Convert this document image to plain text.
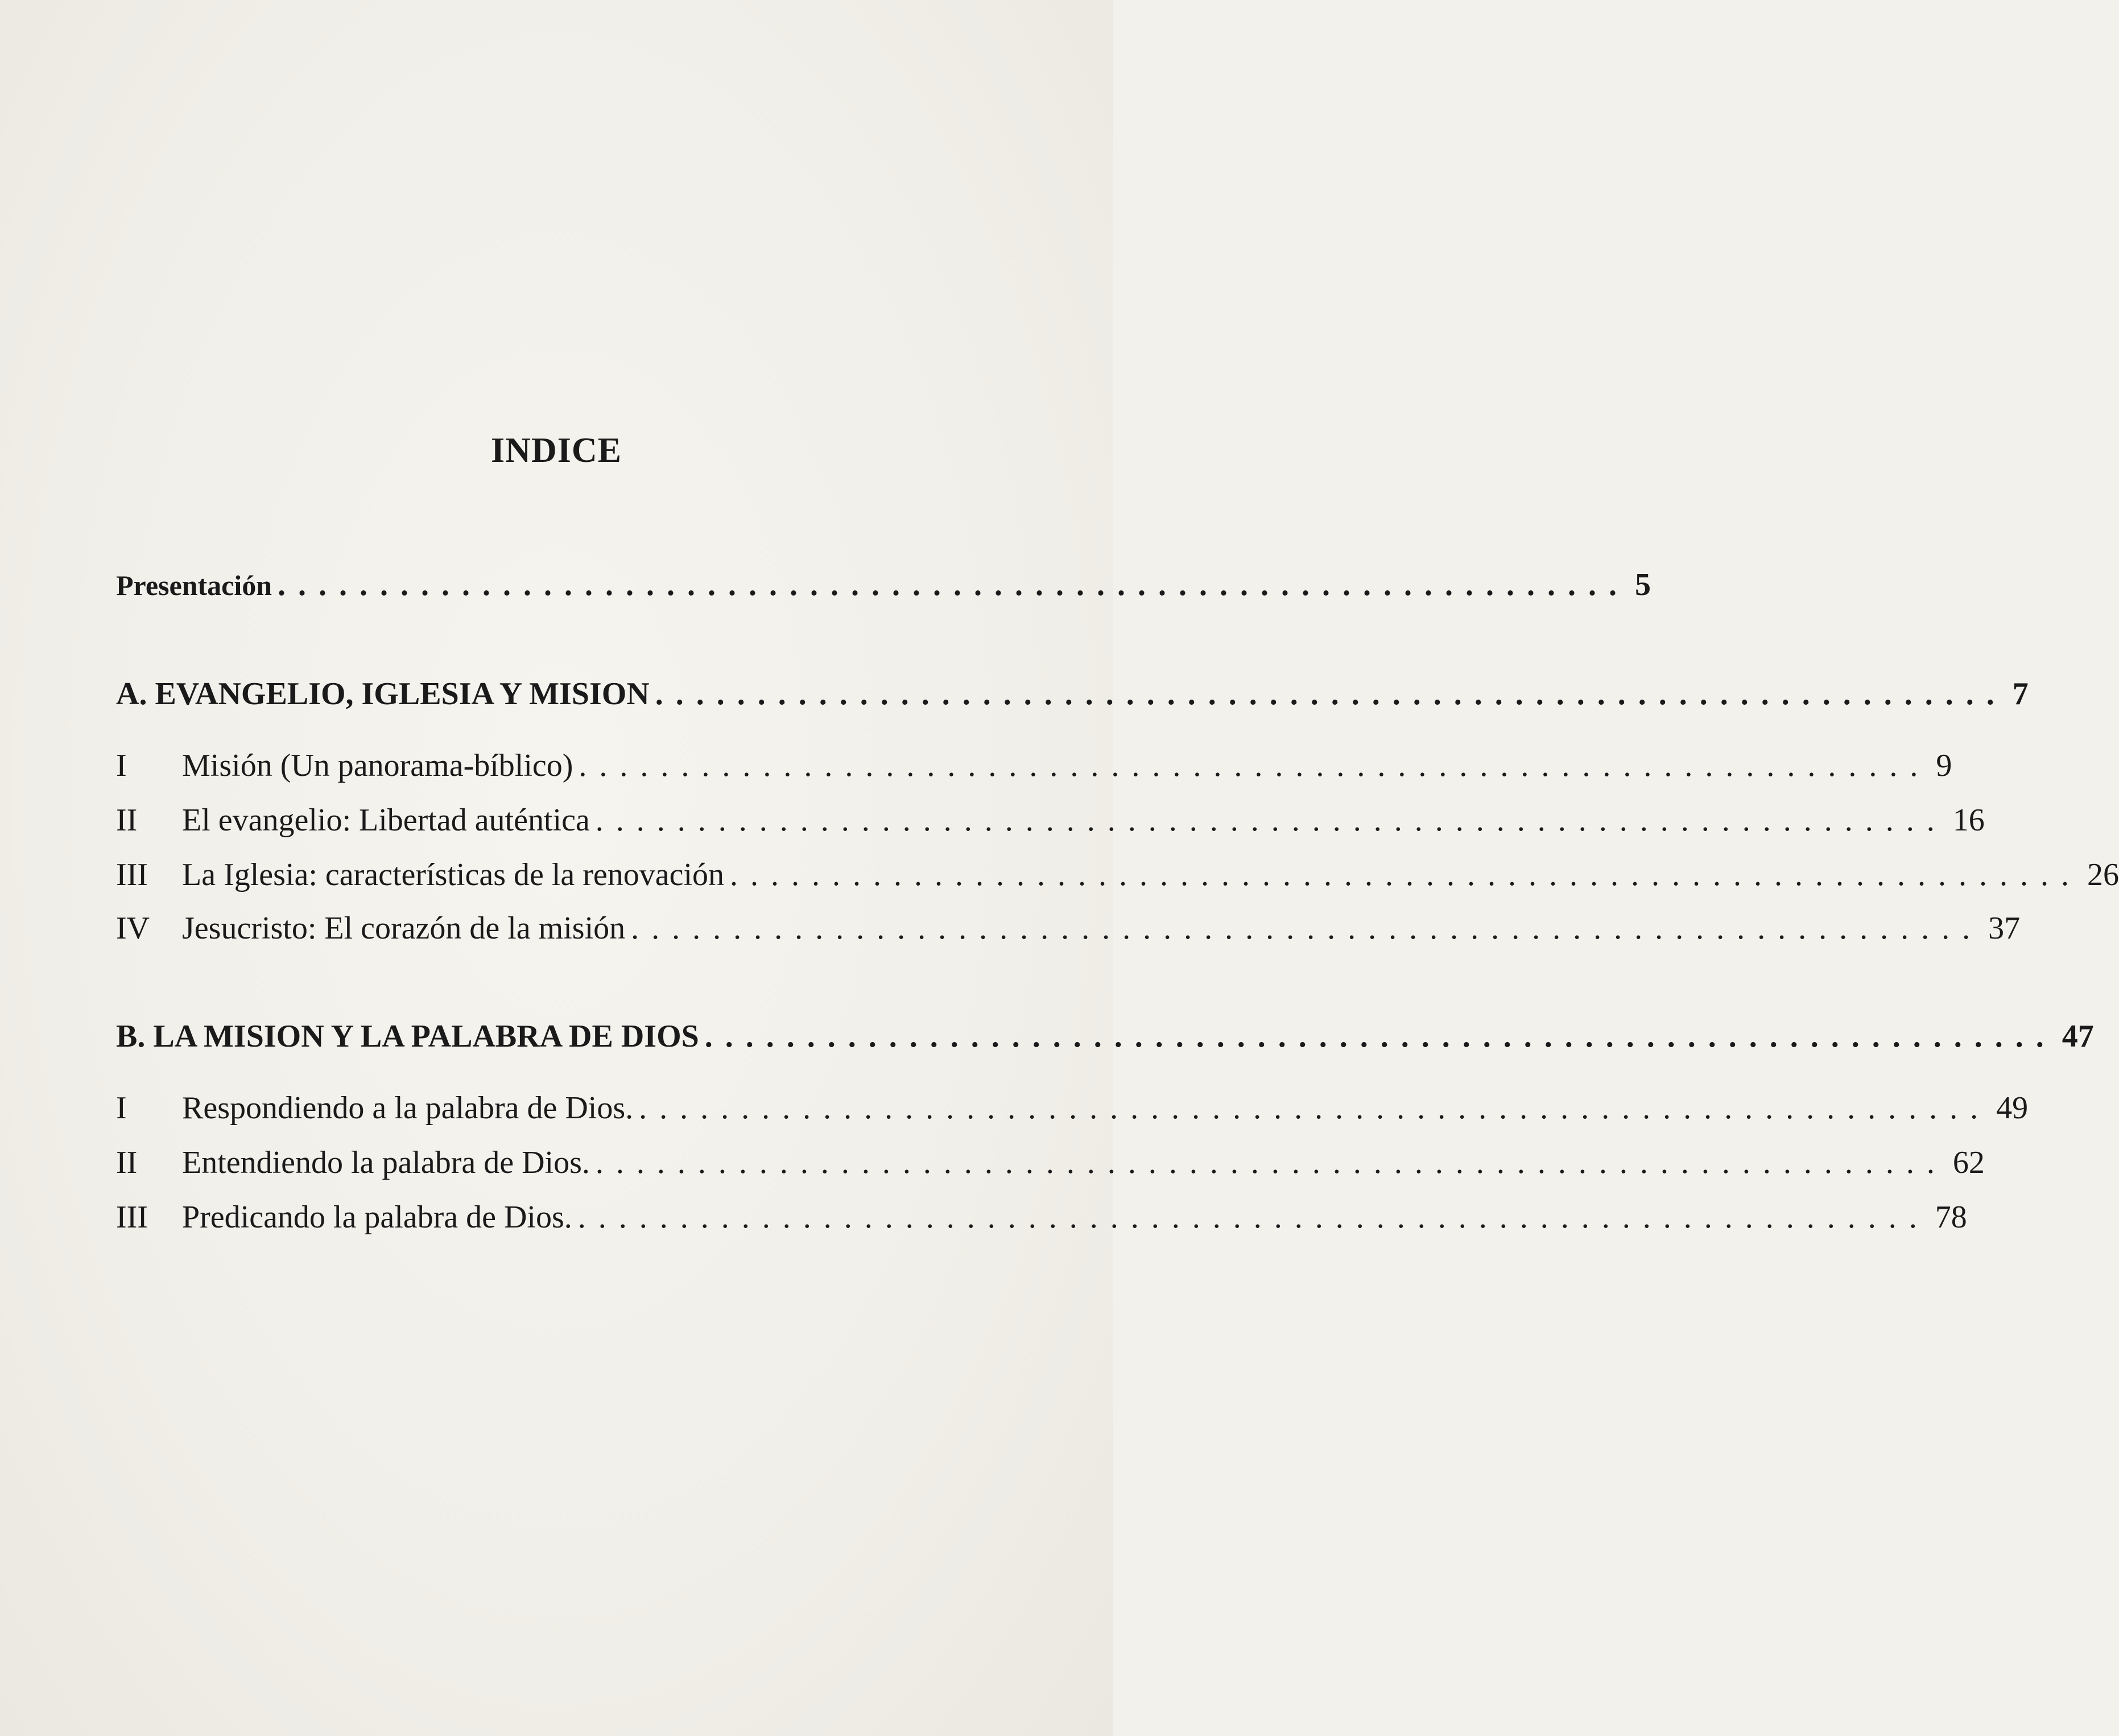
INDICE
Presentación .................................................................. 5
A. EVANGELIO, IGLESIA Y MISION .................................................................. 7
I	Misión (Un panorama-bíblico) .................................................................. 9
II	El evangelio: Libertad auténtica .................................................................. 16
III	La Iglesia: características de la renovación .................................................................. 26
IV	Jesucristo: El corazón de la misión .................................................................. 37
B. LA MISION Y LA PALABRA DE DIOS .................................................................. 47
I	Respondiendo a la palabra de Dios. .................................................................. 49
II	Entendiendo la palabra de Dios. .................................................................. 62
III	Predicando la palabra de Dios. .................................................................. 78
